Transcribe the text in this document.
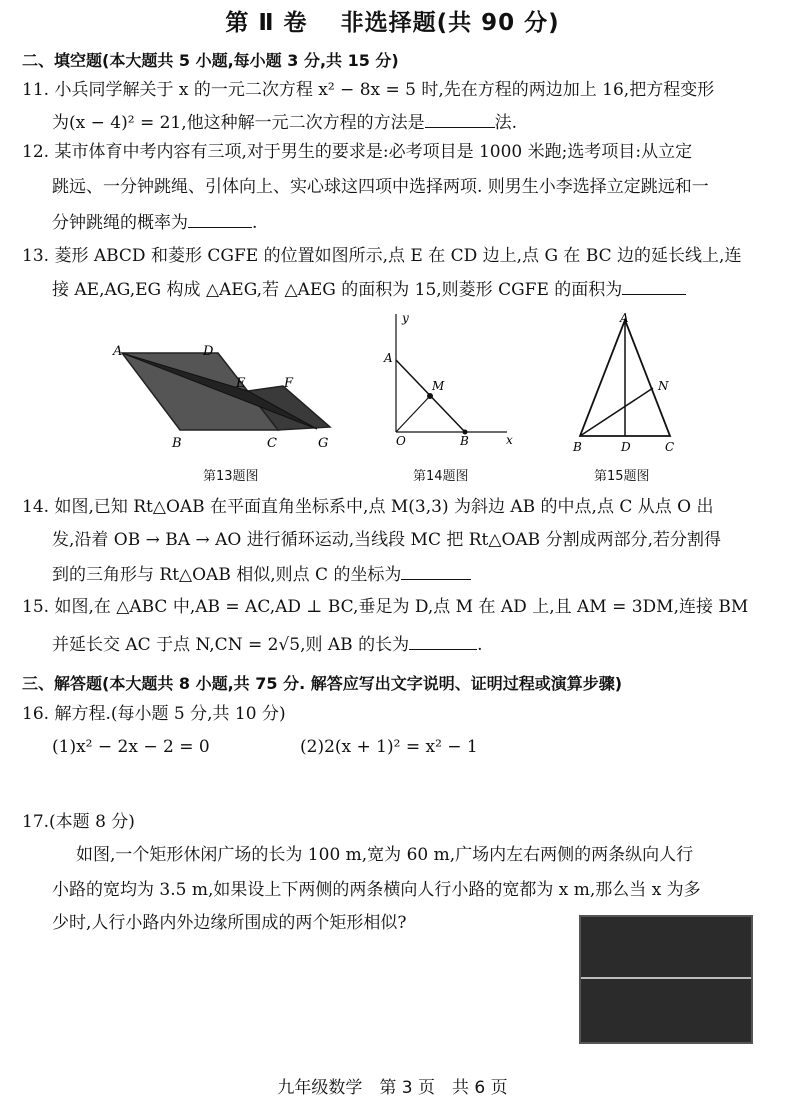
第 Ⅱ 卷　 非选择题(共 90 分)
二、填空题(本大题共 5 小题,每小题 3 分,共 15 分)
11. 小兵同学解关于 x 的一元二次方程 x² − 8x = 5 时,先在方程的两边加上 16,把方程变形
为(x − 4)² = 21,他这种解一元二次方程的方法是	法.
12. 某市体育中考内容有三项,对于男生的要求是:必考项目是 1000 米跑;选考项目:从立定
跳远、一分钟跳绳、引体向上、实心球这四项中选择两项. 则男生小李选择立定跳远和一
分钟跳绳的概率为	.
13. 菱形 ABCD 和菱形 CGFE 的位置如图所示,点 E 在 CD 边上,点 G 在 BC 边的延长线上,连
接 AE,AG,EG 构成 △AEG,若 △AEG 的面积为 15,则菱形 CGFE 的面积为
A	D
E	F
B	C	G
第13题图
y
A
M
O	B	x
第14题图
A
N
B	D	C
第15题图
14. 如图,已知 Rt△OAB 在平面直角坐标系中,点 M(3,3) 为斜边 AB 的中点,点 C 从点 O 出
发,沿着 OB → BA → AO 进行循环运动,当线段 MC 把 Rt△OAB 分割成两部分,若分割得
到的三角形与 Rt△OAB 相似,则点 C 的坐标为
15. 如图,在 △ABC 中,AB = AC,AD ⊥ BC,垂足为 D,点 M 在 AD 上,且 AM = 3DM,连接 BM
并延长交 AC 于点 N,CN = 2√5,则 AB 的长为	.
三、解答题(本大题共 8 小题,共 75 分. 解答应写出文字说明、证明过程或演算步骤)
16. 解方程.(每小题 5 分,共 10 分)
(1)x² − 2x − 2 = 0	(2)2(x + 1)² = x² − 1
17.(本题 8 分)
如图,一个矩形休闲广场的长为 100 m,宽为 60 m,广场内左右两侧的两条纵向人行
小路的宽均为 3.5 m,如果设上下两侧的两条横向人行小路的宽都为 x m,那么当 x 为多
少时,人行小路内外边缘所围成的两个矩形相似?
九年级数学　第 3 页　共 6 页
